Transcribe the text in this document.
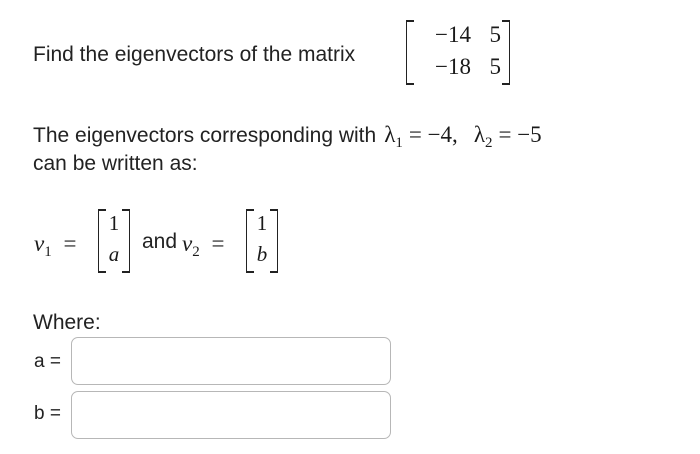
Find the eigenvectors of the matrix
−14 5
−18 5
The eigenvectors corresponding with $\lambda_1 = -4$, $\lambda_2 = -5$
can be written as:
$v_1$ =
1
a
and $v_2$ =
1
b
Where:
a =
b =
